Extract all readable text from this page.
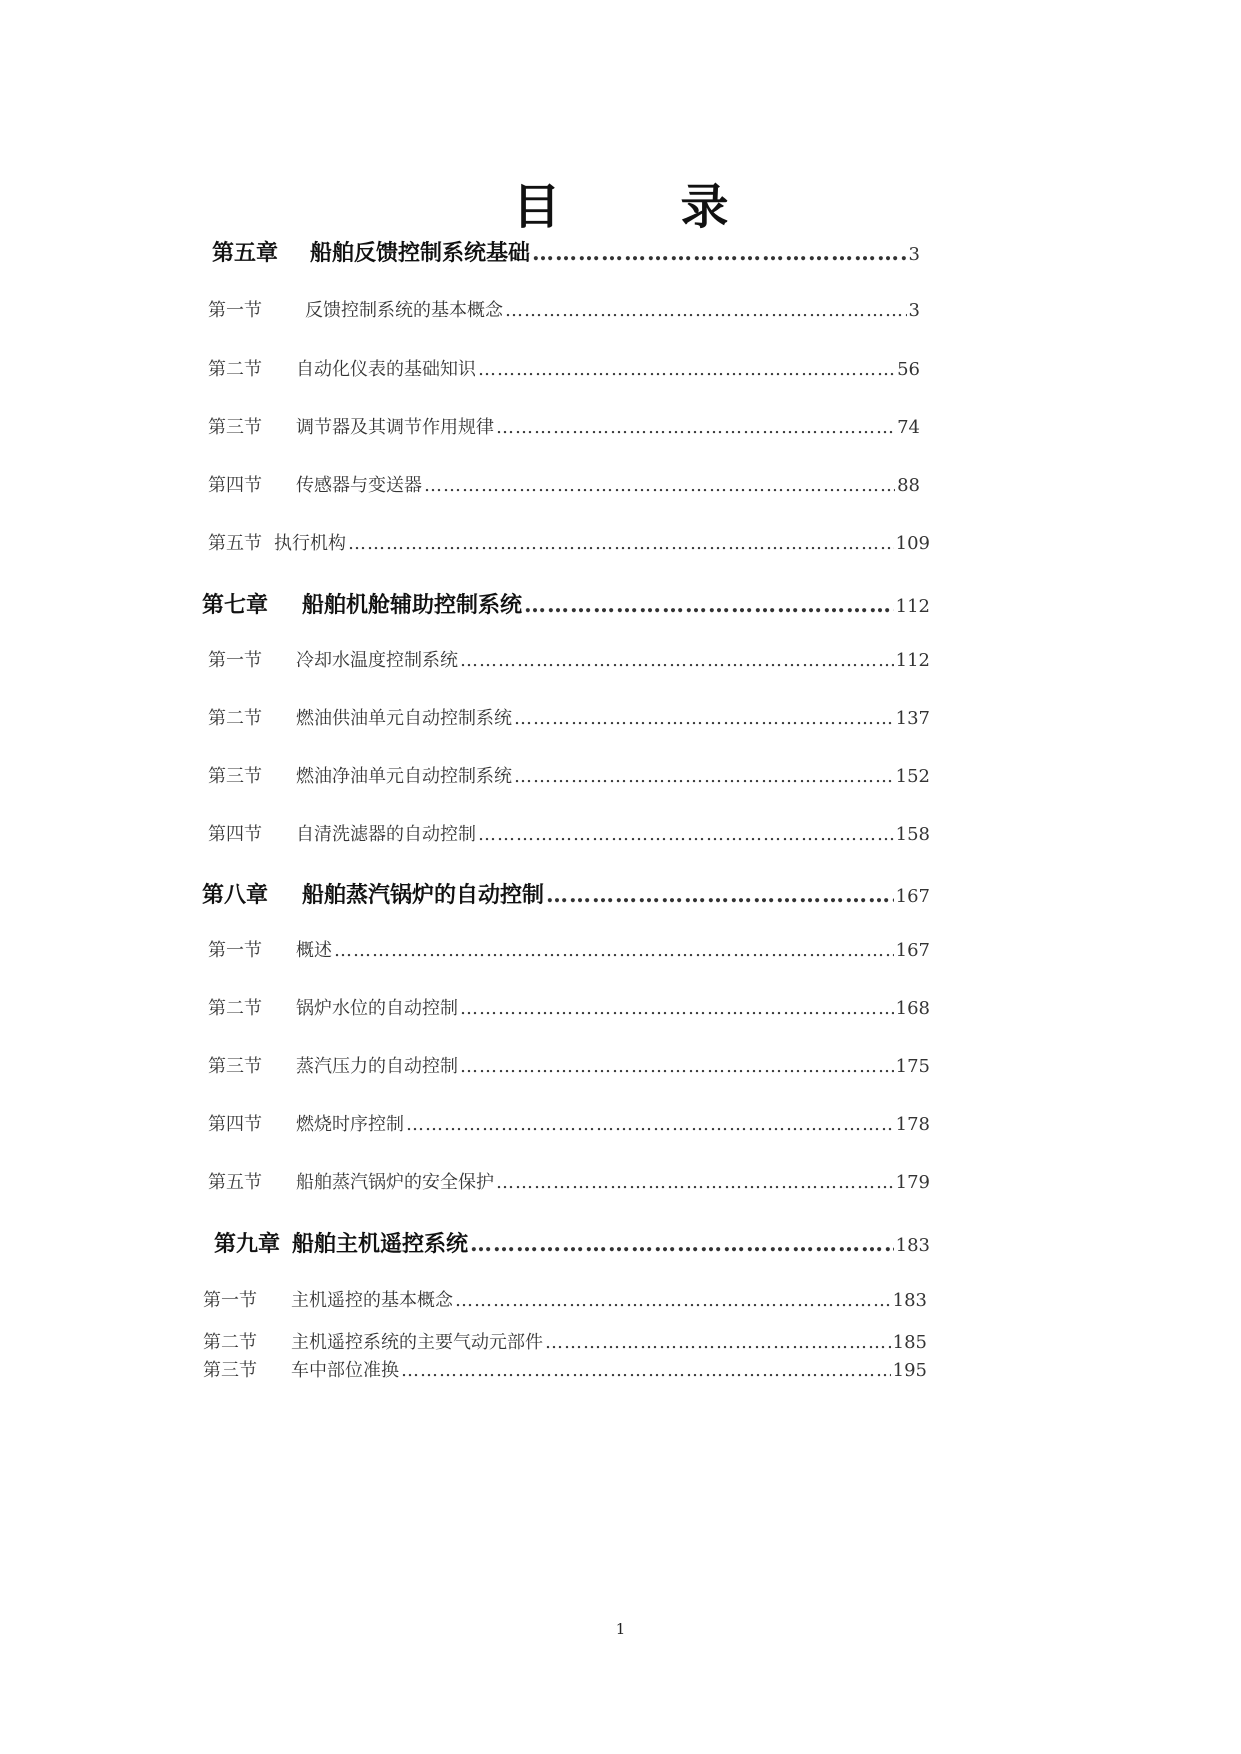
目	录
第五章	船舶反馈控制系统基础 ……………………………………………………………………………………………………………………………………………………………………………………	3
第一节	反馈控制系统的基本概念 ……………………………………………………………………………………………………………………………………………………………………………………	3
第二节	自动化仪表的基础知识 ……………………………………………………………………………………………………………………………………………………………………………………	56
第三节	调节器及其调节作用规律 ……………………………………………………………………………………………………………………………………………………………………………………	74
第四节	传感器与变送器 ……………………………………………………………………………………………………………………………………………………………………………………	88
第五节 执行机构 ……………………………………………………………………………………………………………………………………………………………………………………	109
第七章	船舶机舱辅助控制系统 ……………………………………………………………………………………………………………………………………………………………………………………	112
第一节	冷却水温度控制系统 ……………………………………………………………………………………………………………………………………………………………………………………	112
第二节	燃油供油单元自动控制系统 ……………………………………………………………………………………………………………………………………………………………………………………	137
第三节	燃油净油单元自动控制系统 ……………………………………………………………………………………………………………………………………………………………………………………	152
第四节	自清洗滤器的自动控制 ……………………………………………………………………………………………………………………………………………………………………………………	158
第八章	船舶蒸汽锅炉的自动控制 ……………………………………………………………………………………………………………………………………………………………………………………	167
第一节	概述 ……………………………………………………………………………………………………………………………………………………………………………………	167
第二节	锅炉水位的自动控制 ……………………………………………………………………………………………………………………………………………………………………………………	168
第三节	蒸汽压力的自动控制 ……………………………………………………………………………………………………………………………………………………………………………………	175
第四节	燃烧时序控制 ……………………………………………………………………………………………………………………………………………………………………………………	178
第五节	船舶蒸汽锅炉的安全保护 ……………………………………………………………………………………………………………………………………………………………………………………	179
第九章 船舶主机遥控系统 ……………………………………………………………………………………………………………………………………………………………………………………	183
第一节	主机遥控的基本概念 ……………………………………………………………………………………………………………………………………………………………………………………	183
第二节	主机遥控系统的主要气动元部件 ……………………………………………………………………………………………………………………………………………………………………………………	185
第三节	车中部位准换 ……………………………………………………………………………………………………………………………………………………………………………………	195
1
